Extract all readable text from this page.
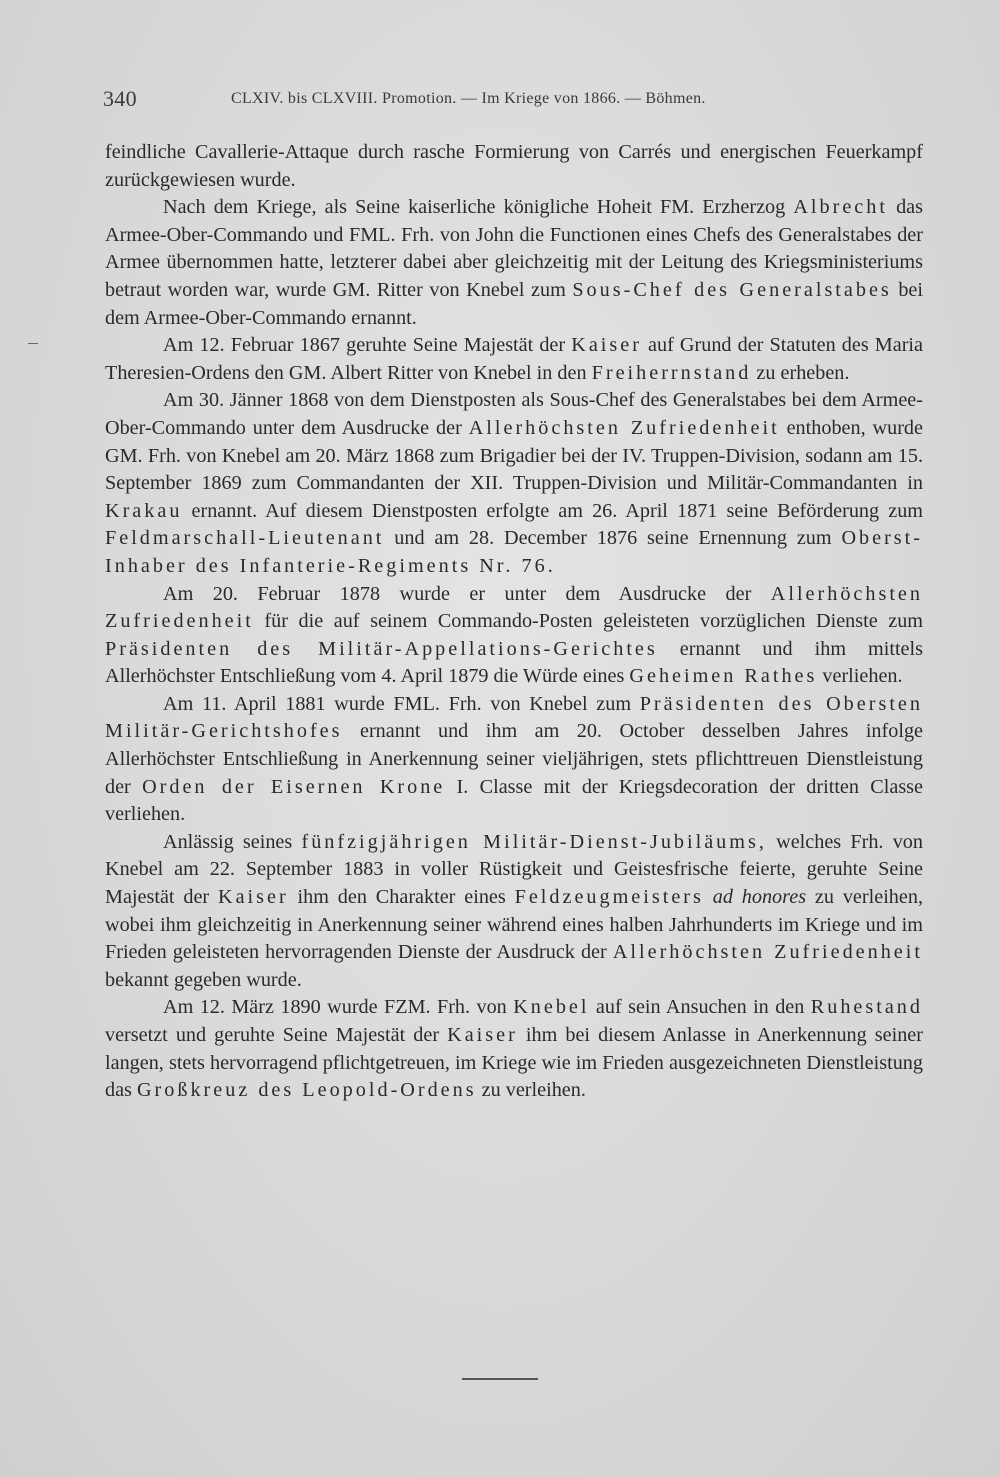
340	CLXIV. bis CLXVIII. Promotion. — Im Kriege von 1866. — Böhmen.

feindliche Cavallerie-Attaque durch rasche Formierung von Carrés und energischen Feuerkampf zurückgewiesen wurde.

Nach dem Kriege, als Seine kaiserliche königliche Hoheit FM. Erzherzog Albrecht das Armee-Ober-Commando und FML. Frh. von John die Functionen eines Chefs des Generalstabes der Armee übernommen hatte, letzterer dabei aber gleichzeitig mit der Leitung des Kriegsministeriums betraut worden war, wurde GM. Ritter von Knebel zum Sous-Chef des Generalstabes bei dem Armee-Ober-Commando ernannt.

Am 12. Februar 1867 geruhte Seine Majestät der Kaiser auf Grund der Statuten des Maria Theresien-Ordens den GM. Albert Ritter von Knebel in den Freiherrnstand zu erheben.

Am 30. Jänner 1868 von dem Dienstposten als Sous-Chef des Generalstabes bei dem Armee-Ober-Commando unter dem Ausdrucke der Allerhöchsten Zufriedenheit enthoben, wurde GM. Frh. von Knebel am 20. März 1868 zum Brigadier bei der IV. Truppen-Division, sodann am 15. September 1869 zum Commandanten der XII. Truppen-Division und Militär-Commandanten in Krakau ernannt. Auf diesem Dienstposten erfolgte am 26. April 1871 seine Beförderung zum Feldmarschall-Lieutenant und am 28. December 1876 seine Ernennung zum Oberst-Inhaber des Infanterie-Regiments Nr. 76.

Am 20. Februar 1878 wurde er unter dem Ausdrucke der Allerhöchsten Zufriedenheit für die auf seinem Commando-Posten geleisteten vorzüglichen Dienste zum Präsidenten des Militär-Appellations-Gerichtes ernannt und ihm mittels Allerhöchster Entschließung vom 4. April 1879 die Würde eines Geheimen Rathes verliehen.

Am 11. April 1881 wurde FML. Frh. von Knebel zum Präsidenten des Obersten Militär-Gerichtshofes ernannt und ihm am 20. October desselben Jahres infolge Allerhöchster Entschließung in Anerkennung seiner vieljährigen, stets pflichttreuen Dienstleistung der Orden der Eisernen Krone I. Classe mit der Kriegsdecoration der dritten Classe verliehen.

Anlässig seines fünfzigjährigen Militär-Dienst-Jubiläums, welches Frh. von Knebel am 22. September 1883 in voller Rüstigkeit und Geistesfrische feierte, geruhte Seine Majestät der Kaiser ihm den Charakter eines Feldzeugmeisters ad honores zu verleihen, wobei ihm gleichzeitig in Anerkennung seiner während eines halben Jahrhunderts im Kriege und im Frieden geleisteten hervorragenden Dienste der Ausdruck der Allerhöchsten Zufriedenheit bekannt gegeben wurde.

Am 12. März 1890 wurde FZM. Frh. von Knebel auf sein Ansuchen in den Ruhestand versetzt und geruhte Seine Majestät der Kaiser ihm bei diesem Anlasse in Anerkennung seiner langen, stets hervorragend pflichtgetreuen, im Kriege wie im Frieden ausgezeichneten Dienstleistung das Großkreuz des Leopold-Ordens zu verleihen.
